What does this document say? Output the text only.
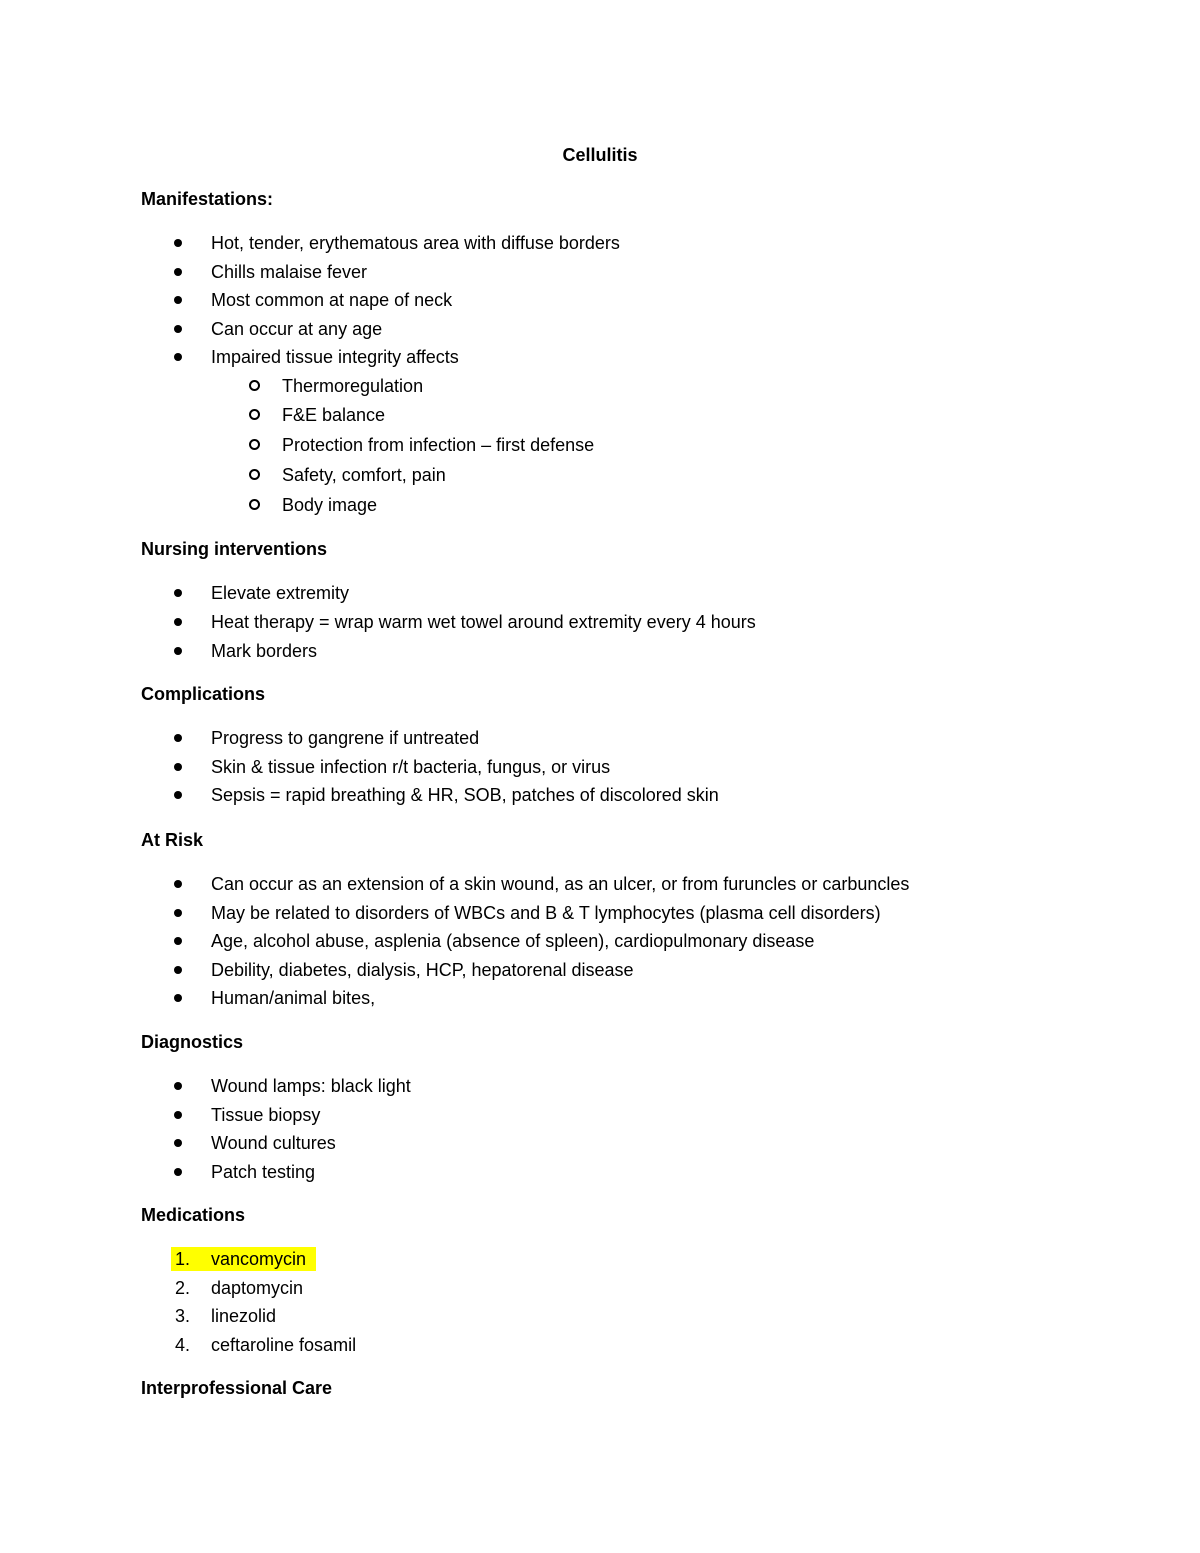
Cellulitis
Manifestations:
Hot, tender, erythematous area with diffuse borders
Chills malaise fever
Most common at nape of neck
Can occur at any age
Impaired tissue integrity affects
Thermoregulation
F&E balance
Protection from infection – first defense
Safety, comfort, pain
Body image
Nursing interventions
Elevate extremity
Heat therapy = wrap warm wet towel around extremity every 4 hours
Mark borders
Complications
Progress to gangrene if untreated
Skin & tissue infection r/t bacteria, fungus, or virus
Sepsis = rapid breathing & HR, SOB, patches of discolored skin
At Risk
Can occur as an extension of a skin wound, as an ulcer, or from furuncles or carbuncles
May be related to disorders of WBCs and B & T lymphocytes (plasma cell disorders)
Age, alcohol abuse, asplenia (absence of spleen), cardiopulmonary disease
Debility, diabetes, dialysis, HCP, hepatorenal disease
Human/animal bites,
Diagnostics
Wound lamps: black light
Tissue biopsy
Wound cultures
Patch testing
Medications
1. vancomycin
2. daptomycin
3. linezolid
4. ceftaroline fosamil
Interprofessional Care
